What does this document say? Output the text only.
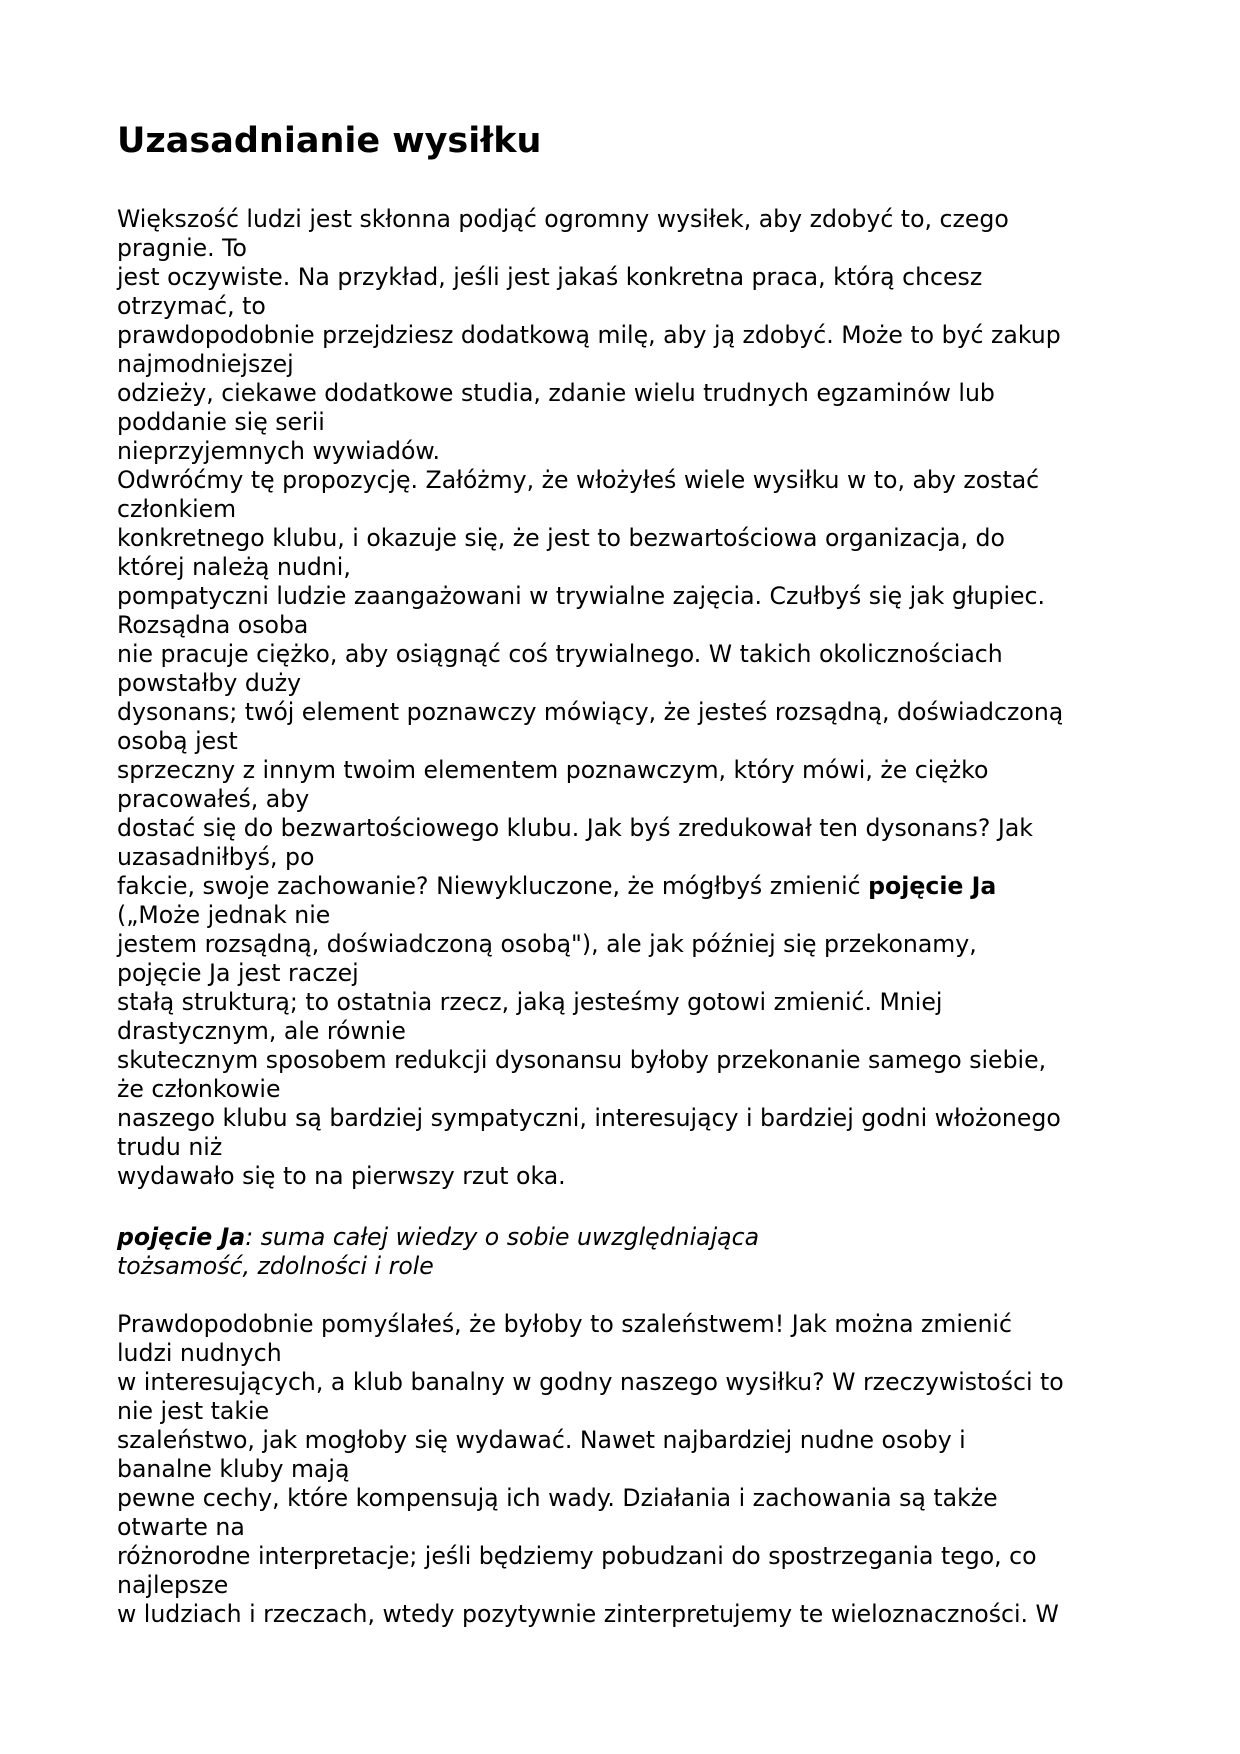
Uzasadnianie wysiłku
Większość ludzi jest skłonna podjąć ogromny wysiłek, aby zdobyć to, czego
pragnie. To
jest oczywiste. Na przykład, jeśli jest jakaś konkretna praca, którą chcesz
otrzymać, to
prawdopodobnie przejdziesz dodatkową milę, aby ją zdobyć. Może to być zakup
najmodniejszej
odzieży, ciekawe dodatkowe studia, zdanie wielu trudnych egzaminów lub
poddanie się serii
nieprzyjemnych wywiadów.
Odwróćmy tę propozycję. Załóżmy, że włożyłeś wiele wysiłku w to, aby zostać
członkiem
konkretnego klubu, i okazuje się, że jest to bezwartościowa organizacja, do
której należą nudni,
pompatyczni ludzie zaangażowani w trywialne zajęcia. Czułbyś się jak głupiec.
Rozsądna osoba
nie pracuje ciężko, aby osiągnąć coś trywialnego. W takich okolicznościach
powstałby duży
dysonans; twój element poznawczy mówiący, że jesteś rozsądną, doświadczoną
osobą jest
sprzeczny z innym twoim elementem poznawczym, który mówi, że ciężko
pracowałeś, aby
dostać się do bezwartościowego klubu. Jak byś zredukował ten dysonans? Jak
uzasadniłbyś, po
fakcie, swoje zachowanie? Niewykluczone, że mógłbyś zmienić pojęcie Ja
(„Może jednak nie
jestem rozsądną, doświadczoną osobą"), ale jak później się przekonamy,
pojęcie Ja jest raczej
stałą strukturą; to ostatnia rzecz, jaką jesteśmy gotowi zmienić. Mniej
drastycznym, ale równie
skutecznym sposobem redukcji dysonansu byłoby przekonanie samego siebie,
że członkowie
naszego klubu są bardziej sympatyczni, interesujący i bardziej godni włożonego
trudu niż
wydawało się to na pierwszy rzut oka.
pojęcie Ja: suma całej wiedzy o sobie uwzględniająca
tożsamość, zdolności i role
Prawdopodobnie pomyślałeś, że byłoby to szaleństwem! Jak można zmienić
ludzi nudnych
w interesujących, a klub banalny w godny naszego wysiłku? W rzeczywistości to
nie jest takie
szaleństwo, jak mogłoby się wydawać. Nawet najbardziej nudne osoby i
banalne kluby mają
pewne cechy, które kompensują ich wady. Działania i zachowania są także
otwarte na
różnorodne interpretacje; jeśli będziemy pobudzani do spostrzegania tego, co
najlepsze
w ludziach i rzeczach, wtedy pozytywnie zinterpretujemy te wieloznaczności. W
